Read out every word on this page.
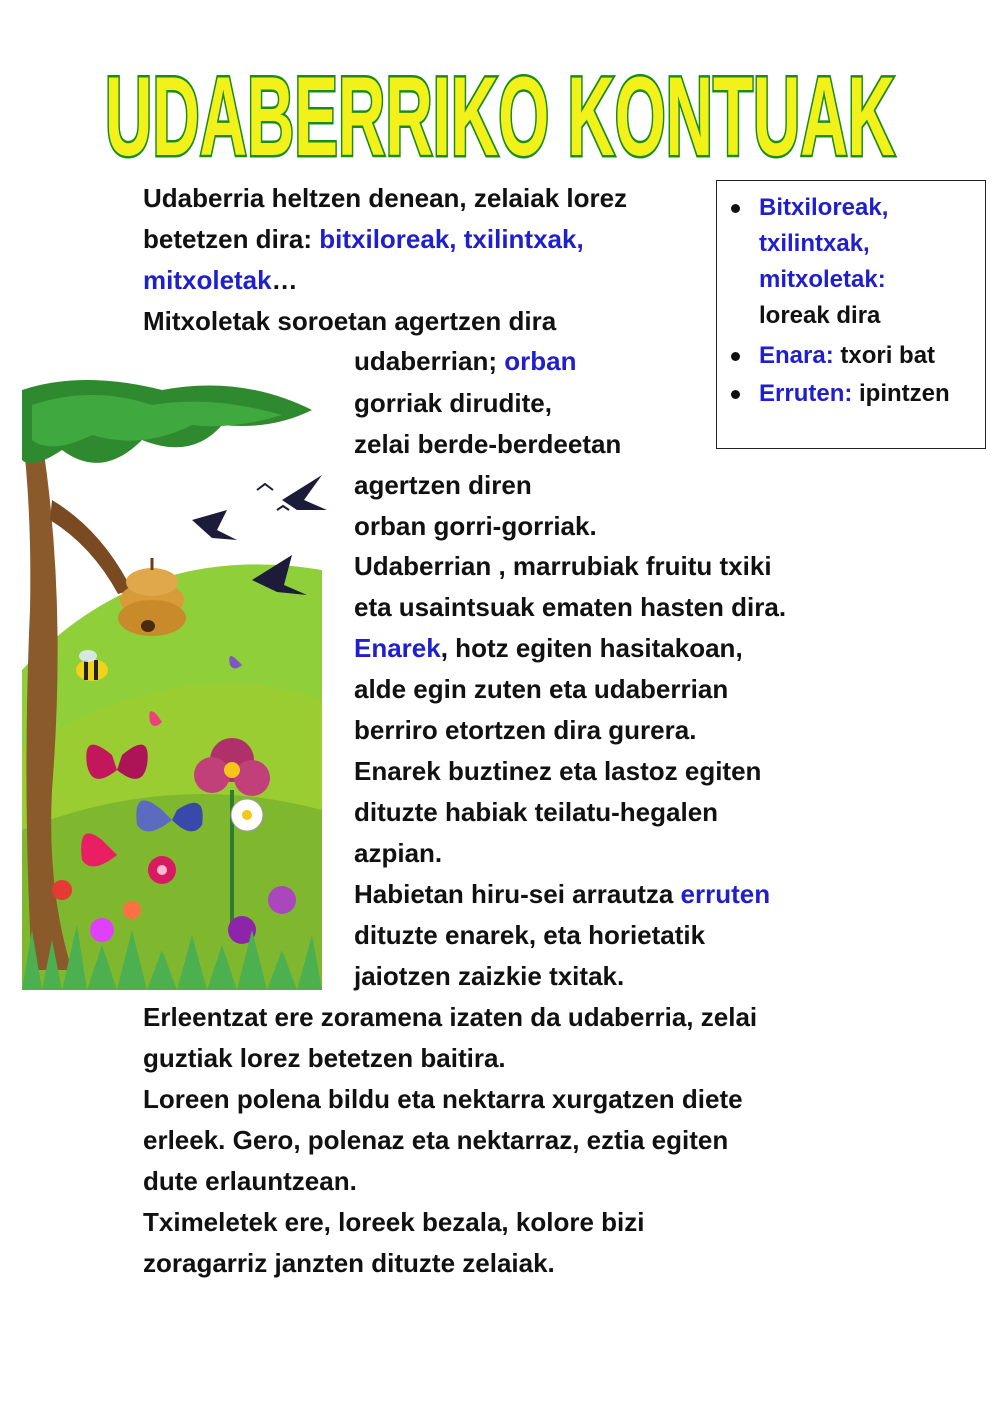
UDABERRIKO KONTUAK
Udaberria heltzen denean, zelaiak lorez
betetzen dira: bitxiloreak, txilintxak,
mitxoletak…
Mitxoletak soroetan agertzen dira
udaberrian; orban
gorriak dirudite,
zelai berde-berdeetan
agertzen diren
orban gorri-gorriak.
Udaberrian , marrubiak fruitu txiki
eta usaintsuak ematen hasten dira.
Enarek, hotz egiten hasitakoan,
alde egin zuten eta udaberrian
berriro etortzen dira gurera.
Enarek buztinez eta lastoz egiten
dituzte habiak teilatu-hegalen
azpian.
Habietan hiru-sei arrautza erruten
dituzte enarek, eta horietatik
jaiotzen zaizkie txitak.
Erleentzat ere zoramena izaten da udaberria, zelai
guztiak lorez betetzen baitira.
Loreen polena bildu eta nektarra xurgatzen diete
erleek. Gero, polenaz eta nektarraz, eztia egiten
dute erlauntzean.
Tximeletek ere, loreek bezala, kolore bizi
zoragarriz janzten dituzte zelaiak.
Bitxiloreak,
txilintxak,
mitxoletak:
loreak dira
Enara: txori bat
Erruten: ipintzen
